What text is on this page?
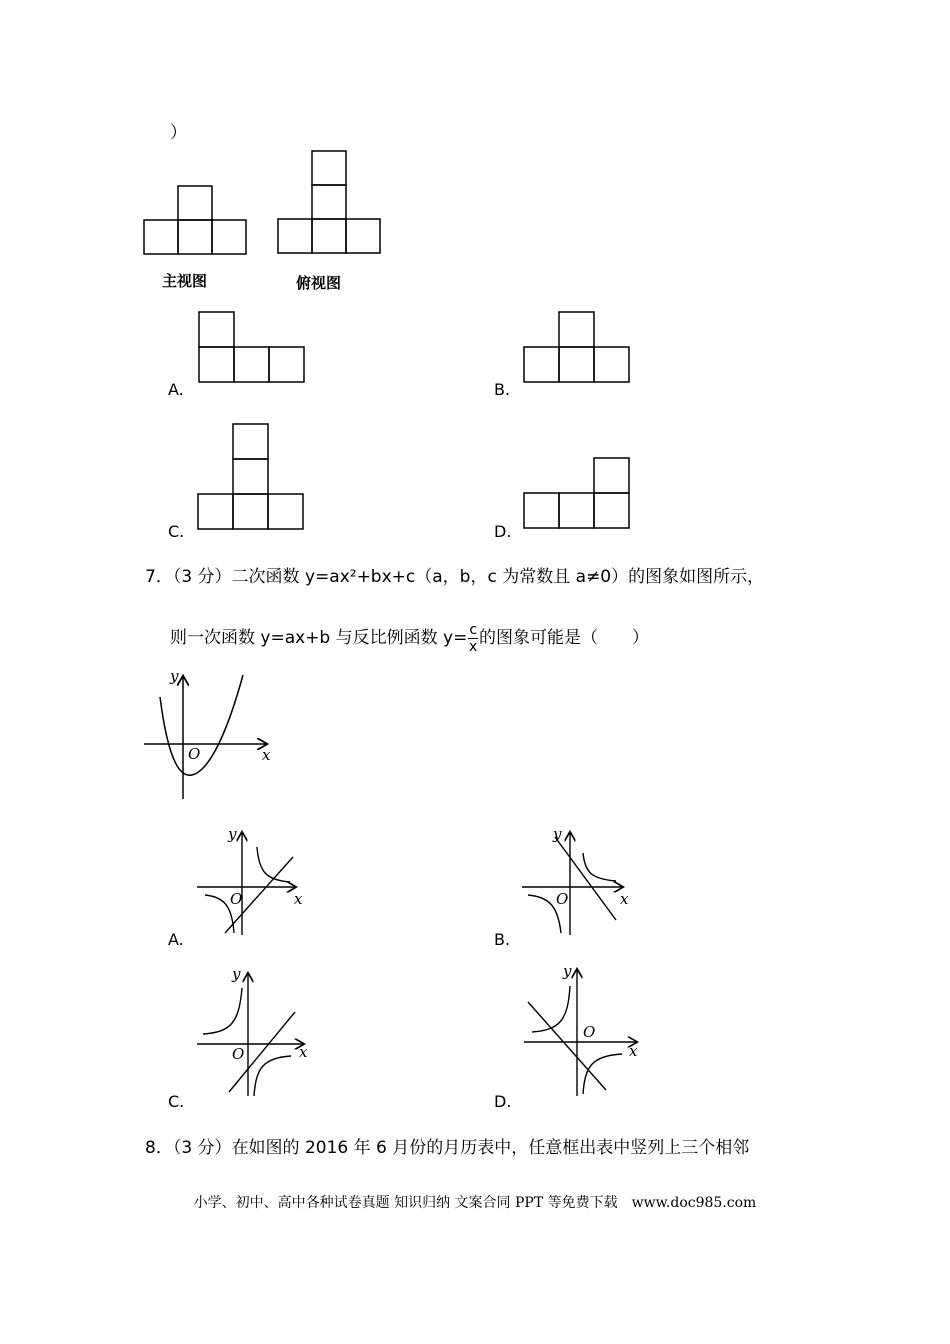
）
主视图	俯视图
A.	B.
C.	D.
7．（3 分）二次函数 y=ax²+bx+c（a，b，c 为常数且 a≠0）的图象如图所示，
则一次函数 y=ax+b 与反比例函数 $y= \frac{c}{x}$ 的图象可能是（　　）
y
x
O
A.
y
x
O
B.
y
x
O
C.
y
x
O
D.
y
x
O
8．（3 分）在如图的 2016 年 6 月份的月历表中，任意框出表中竖列上三个相邻
小学、初中、高中各种试卷真题 知识归纳 文案合同 PPT 等免费下载　www.doc985.com
